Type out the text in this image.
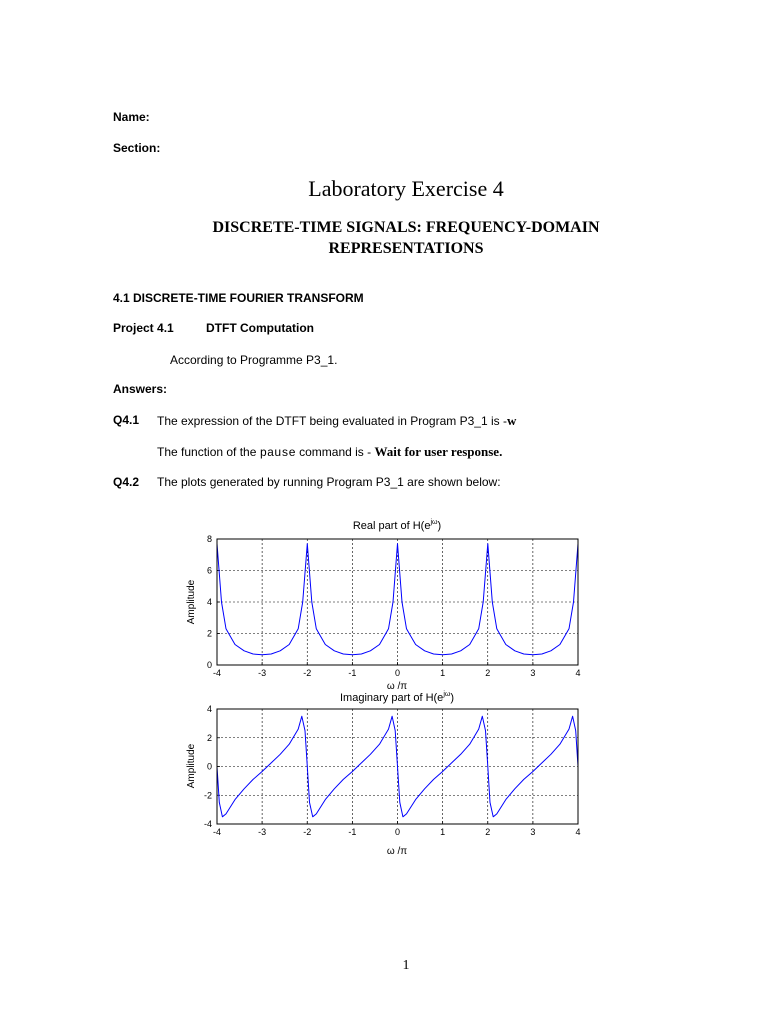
Name:
Section:
Laboratory Exercise 4
DISCRETE-TIME SIGNALS: FREQUENCY-DOMAIN
REPRESENTATIONS
4.1 DISCRETE-TIME FOURIER TRANSFORM
Project 4.1	DTFT Computation
According to Programme P3_1.
Answers:
Q4.1 The expression of the DTFT being evaluated in Program P3_1 is -w
The function of the pause command is - Wait for user response.
Q4.2 The plots generated by running Program P3_1 are shown below:
Real part of $H(e^{j\omega})$
-4	-3	-2	-1	0	1	2	3	4
0
2
4
6
8
ω /π
Amplitude
Imaginary part of $H(e^{j\omega})$
-4	-3	-2	-1	0	1	2	3	4
-4
-2
0
2
4
ω /π
Amplitude
1
